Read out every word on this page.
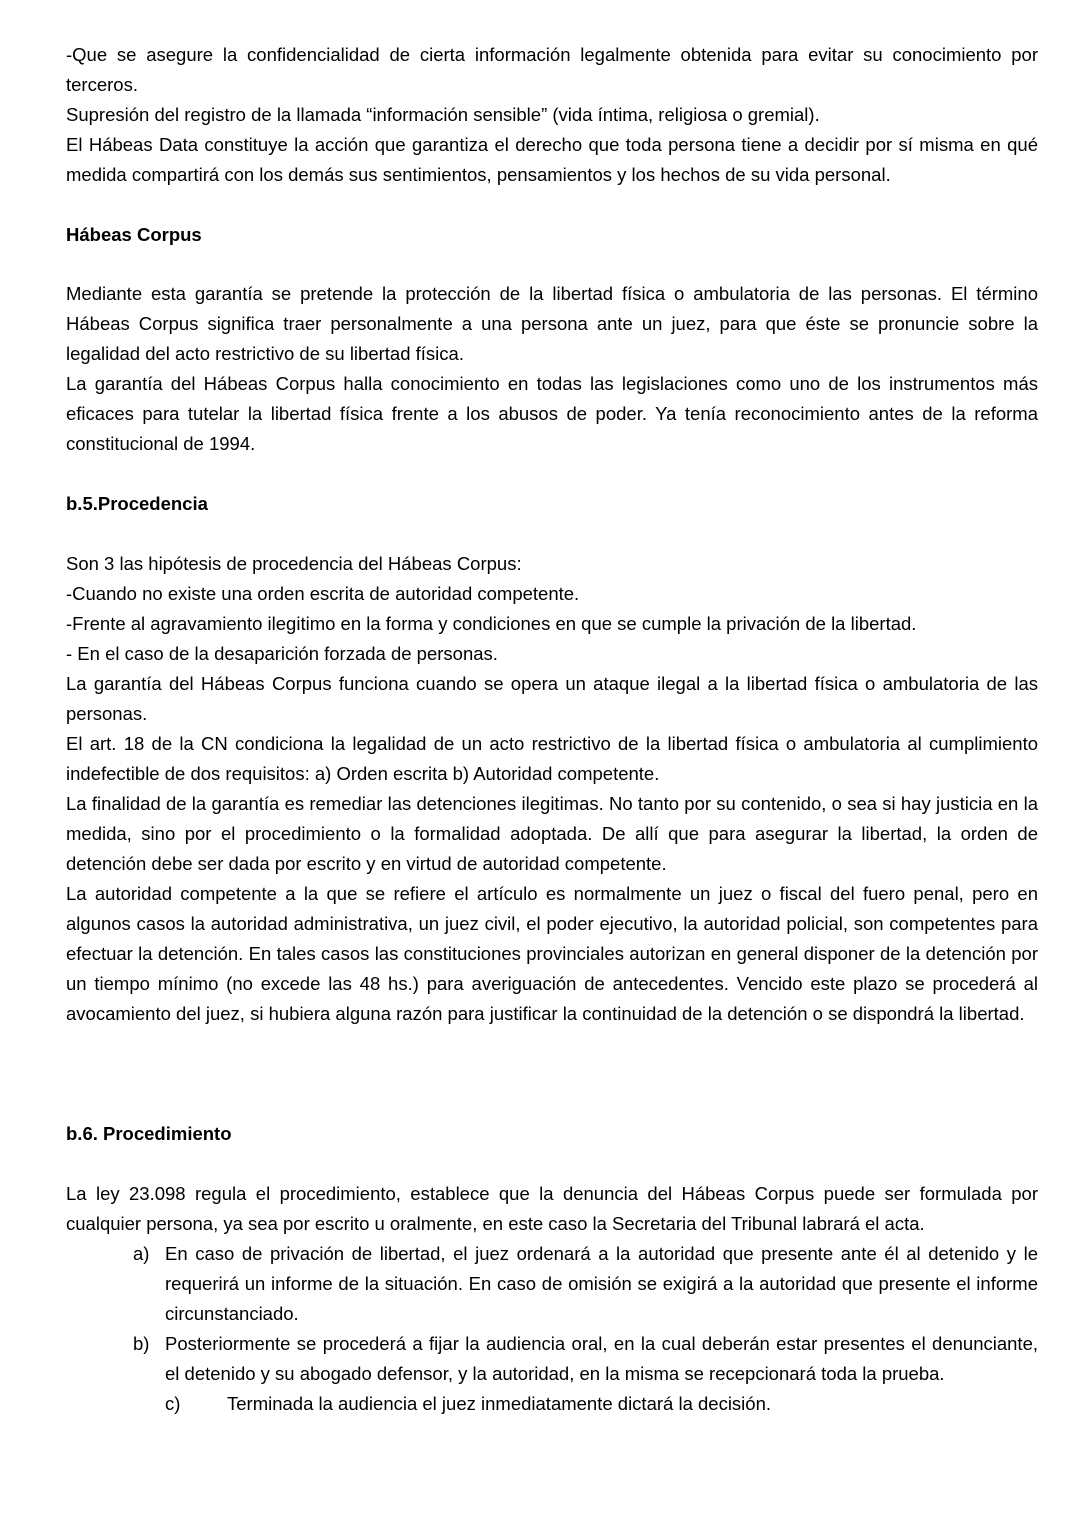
-Que se asegure la confidencialidad de cierta información legalmente obtenida para evitar su conocimiento por terceros.

Supresión del registro de la llamada “información sensible” (vida íntima, religiosa o gremial).

El Hábeas Data constituye la acción que garantiza el derecho que toda persona tiene a decidir por sí misma en qué medida compartirá con los demás sus sentimientos, pensamientos y los hechos de su vida personal.

Hábeas Corpus

Mediante esta garantía se pretende la protección de la libertad física o ambulatoria de las personas. El término Hábeas Corpus significa traer personalmente a una persona ante un juez, para que éste se pronuncie sobre la legalidad del acto restrictivo de su libertad física.

La garantía del Hábeas Corpus halla conocimiento en todas las legislaciones como uno de los instrumentos más eficaces para tutelar la libertad física frente a los abusos de poder. Ya tenía reconocimiento antes de la reforma constitucional de 1994.

b.5.Procedencia

Son 3 las hipótesis de procedencia del Hábeas Corpus:

-Cuando no existe una orden escrita de autoridad competente.

-Frente al agravamiento ilegitimo en la forma y condiciones en que se cumple la privación de la libertad.

- En el caso de la desaparición forzada de personas.

La garantía del Hábeas Corpus funciona cuando se opera un ataque ilegal a la libertad física o ambulatoria de las personas.

El art. 18 de la CN condiciona la legalidad de un acto restrictivo de la libertad física o ambulatoria al cumplimiento indefectible de dos requisitos: a) Orden escrita b) Autoridad competente.

La finalidad de la garantía es remediar las detenciones ilegitimas. No tanto por su contenido, o sea si hay justicia en la medida, sino por el procedimiento o la formalidad adoptada. De allí que para asegurar la libertad, la orden de detención debe ser dada por escrito y en virtud de autoridad competente.

La autoridad competente a la que se refiere el artículo es normalmente un juez o fiscal del fuero penal, pero en algunos casos la autoridad administrativa, un juez civil, el poder ejecutivo, la autoridad policial, son competentes para efectuar la detención. En tales casos las constituciones provinciales autorizan en general disponer de la detención por un tiempo mínimo (no excede las 48 hs.) para averiguación de antecedentes. Vencido este plazo se procederá al avocamiento del juez, si hubiera alguna razón para justificar la continuidad de la detención o se dispondrá la libertad.

b.6. Procedimiento

La ley 23.098 regula el procedimiento, establece que la denuncia del Hábeas Corpus puede ser formulada por cualquier persona, ya sea por escrito u oralmente, en este caso la Secretaria del Tribunal labrará el acta.

a) En caso de privación de libertad, el juez ordenará a la autoridad que presente ante él al detenido y le requerirá un informe de la situación. En caso de omisión se exigirá a la autoridad que presente el informe circunstanciado.
b) Posteriormente se procederá a fijar la audiencia oral, en la cual deberán estar presentes el denunciante, el detenido y su abogado defensor, y la autoridad, en la misma se recepcionará toda la prueba.
c)	Terminada la audiencia el juez inmediatamente dictará la decisión.
